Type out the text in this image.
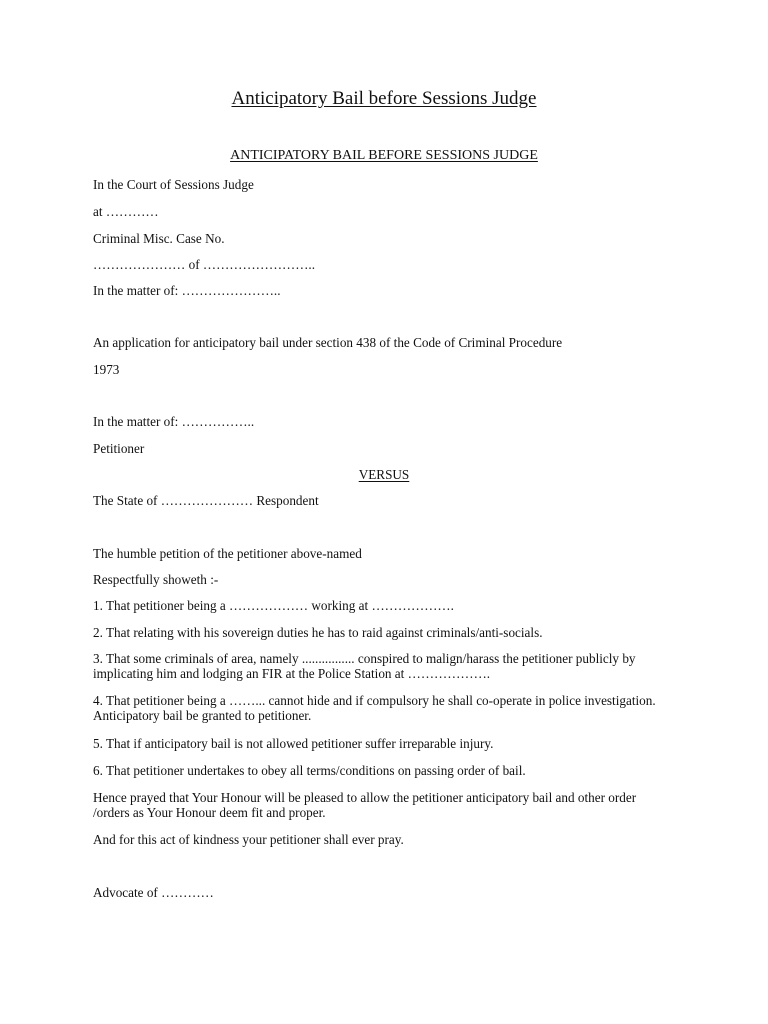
Anticipatory Bail before Sessions Judge
ANTICIPATORY BAIL BEFORE SESSIONS JUDGE
In the Court of Sessions Judge
at …………
Criminal Misc. Case No.
………………… of ……………………..
In the matter of: …………………..
An application for anticipatory bail under section 438 of the Code of Criminal Procedure
1973
In the matter of: ……………..
Petitioner
VERSUS
The State of ………………… Respondent
The humble petition of the petitioner above-named
Respectfully showeth :-
1. That petitioner being a ……………… working at ……………….
2. That relating with his sovereign duties he has to raid against criminals/anti-socials.
3. That some criminals of area, namely ................ conspired to malign/harass the petitioner publicly by implicating him and lodging an FIR at the Police Station at ……………….
4. That petitioner being a ……... cannot hide and if compulsory he shall co-operate in police investigation. Anticipatory bail be granted to petitioner.
5. That if anticipatory bail is not allowed petitioner suffer irreparable injury.
6. That petitioner undertakes to obey all terms/conditions on passing order of bail.
Hence prayed that Your Honour will be pleased to allow the petitioner anticipatory bail and other order /orders as Your Honour deem fit and proper.
And for this act of kindness your petitioner shall ever pray.
Advocate of …………
